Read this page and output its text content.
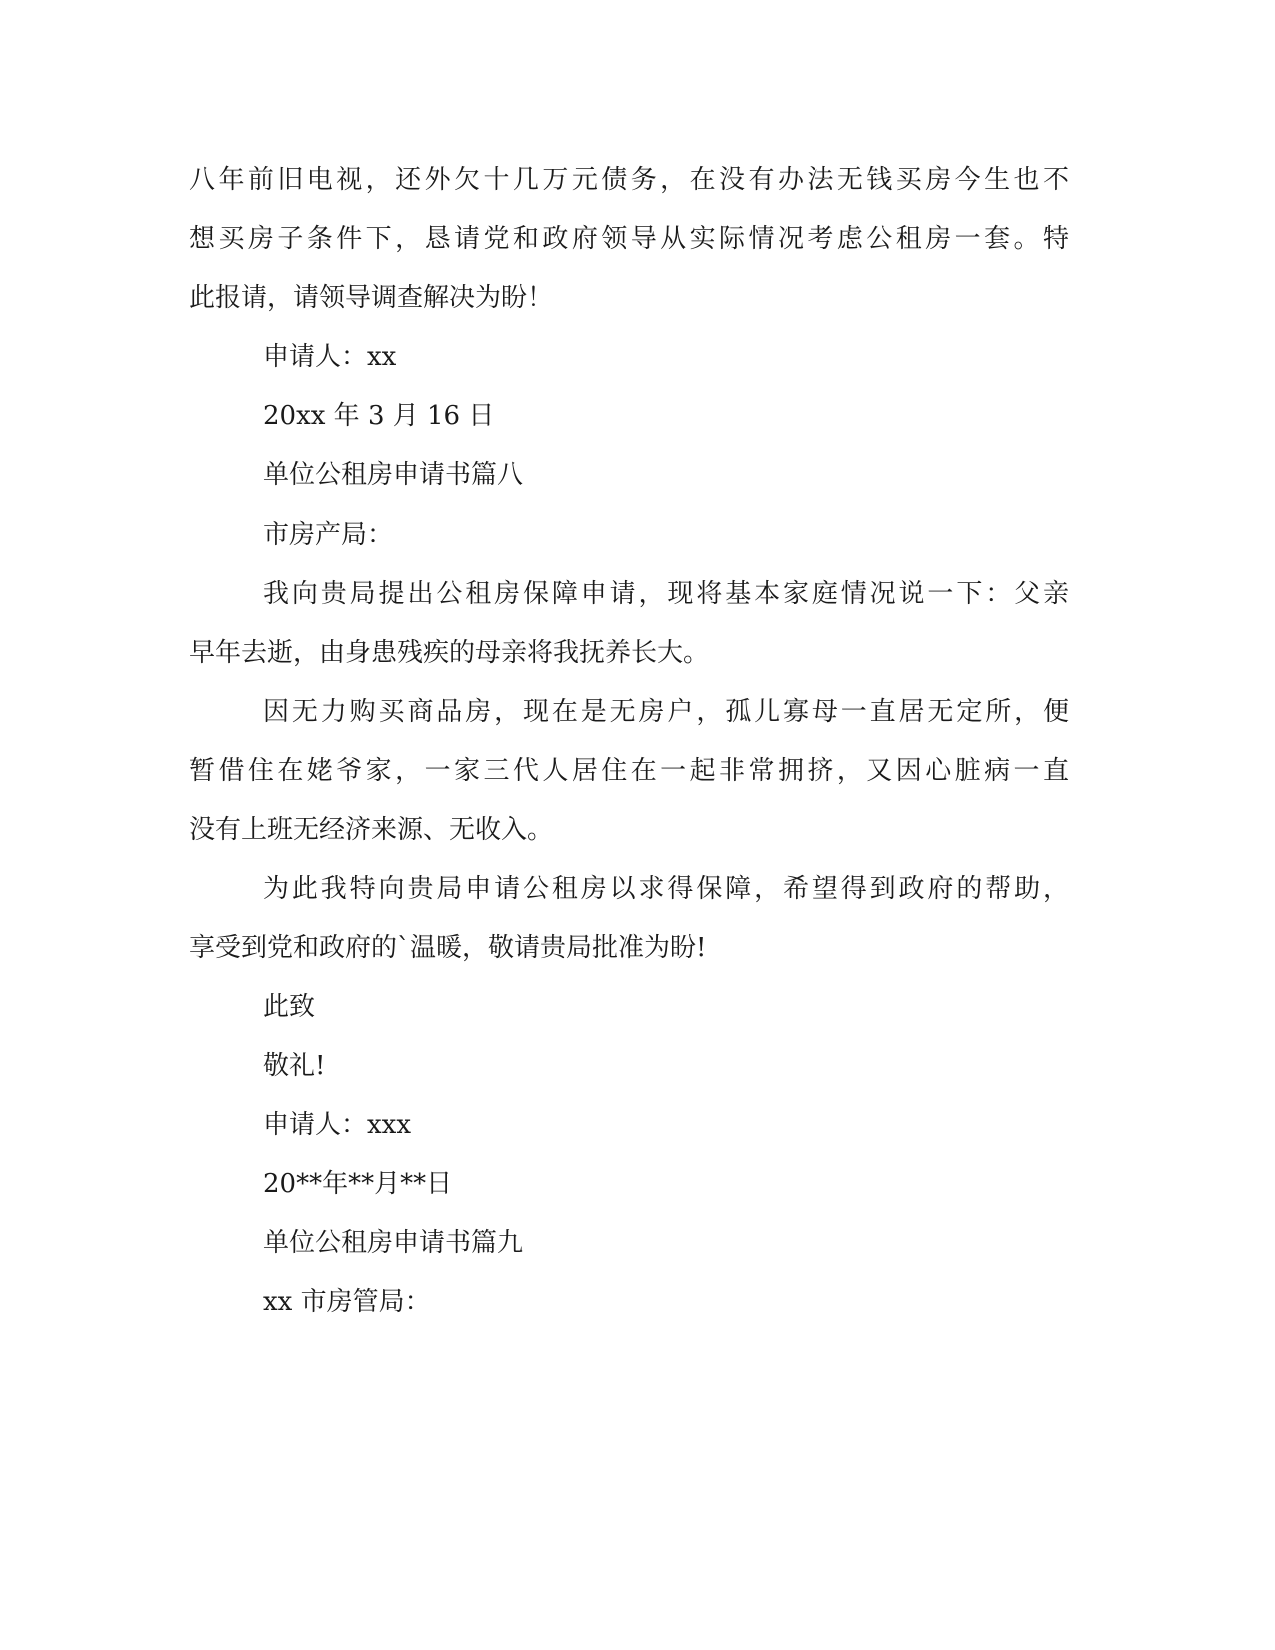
八年前旧电视，还外欠十几万元债务，在没有办法无钱买房今生也不
想买房子条件下，恳请党和政府领导从实际情况考虑公租房一套。特
此报请，请领导调查解决为盼！
申请人：xx
20xx 年 3 月 16 日
单位公租房申请书篇八
市房产局：
我向贵局提出公租房保障申请，现将基本家庭情况说一下：父亲
早年去逝，由身患残疾的母亲将我抚养长大。
因无力购买商品房，现在是无房户，孤儿寡母一直居无定所，便
暂借住在姥爷家，一家三代人居住在一起非常拥挤，又因心脏病一直
没有上班无经济来源、无收入。
为此我特向贵局申请公租房以求得保障，希望得到政府的帮助，
享受到党和政府的`温暖，敬请贵局批准为盼!
此致
敬礼!
申请人：xxx
20**年**月**日
单位公租房申请书篇九
xx 市房管局：
